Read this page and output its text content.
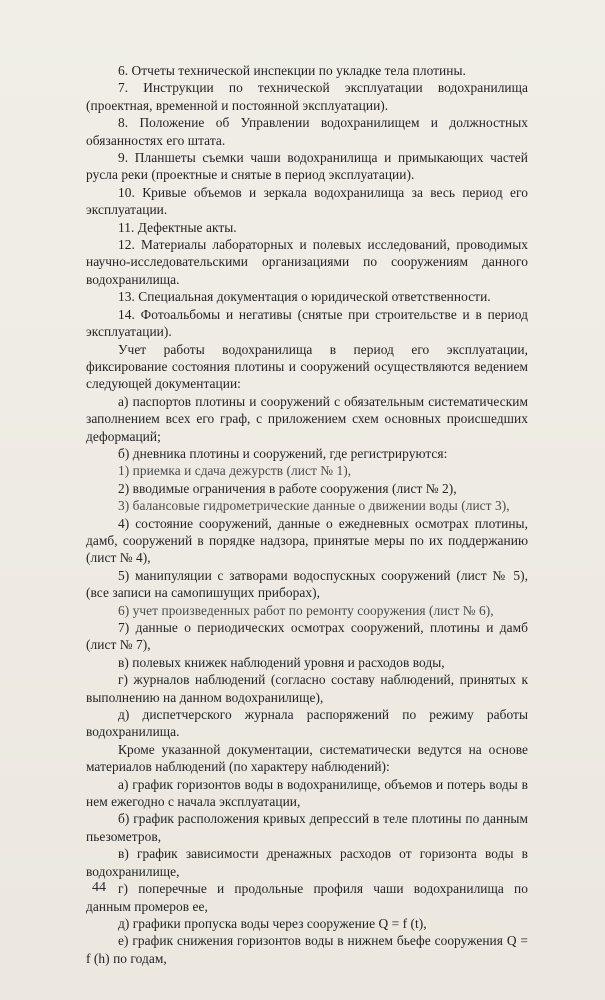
6. Отчеты технической инспекции по укладке тела плотины.

7. Инструкции по технической эксплуатации водохранилища (проектная, временной и постоянной эксплуатации).

8. Положение об Управлении водохранилищем и должностных обязанностях его штата.

9. Планшеты съемки чаши водохранилища и примыкающих частей русла реки (проектные и снятые в период эксплуатации).

10. Кривые объемов и зеркала водохранилища за весь период его эксплуатации.

11. Дефектные акты.

12. Материалы лабораторных и полевых исследований, проводимых научно-исследовательскими организациями по сооружениям данного водохранилища.

13. Специальная документация о юридической ответственности.

14. Фотоальбомы и негативы (снятые при строительстве и в период эксплуатации).

Учет работы водохранилища в период его эксплуатации, фиксирование состояния плотины и сооружений осуществляются ведением следующей документации:

а) паспортов плотины и сооружений с обязательным систематическим заполнением всех его граф, с приложением схем основных происшедших деформаций;

б) дневника плотины и сооружений, где регистрируются:

1) приемка и сдача дежурств (лист № 1),

2) вводимые ограничения в работе сооружения (лист № 2),

3) балансовые гидрометрические данные о движении воды (лист 3),

4) состояние сооружений, данные о ежедневных осмотрах плотины, дамб, сооружений в порядке надзора, принятые меры по их поддержанию (лист № 4),

5) манипуляции с затворами водоспускных сооружений (лист № 5), (все записи на самопишущих приборах),

6) учет произведенных работ по ремонту сооружения (лист № 6),

7) данные о периодических осмотрах сооружений, плотины и дамб (лист № 7),

в) полевых книжек наблюдений уровня и расходов воды,

г) журналов наблюдений (согласно составу наблюдений, принятых к выполнению на данном водохранилище),

д) диспетчерского журнала распоряжений по режиму работы водохранилища.

Кроме указанной документации, систематически ведутся на основе материалов наблюдений (по характеру наблюдений):

а) график горизонтов воды в водохранилище, объемов и потерь воды в нем ежегодно с начала эксплуатации,

б) график расположения кривых депрессий в теле плотины по данным пьезометров,

в) график зависимости дренажных расходов от горизонта воды в водохранилище,

г) поперечные и продольные профиля чаши водохранилища по данным промеров ее,

д) графики пропуска воды через сооружение Q = f (t),

е) график снижения горизонтов воды в нижнем бьефе сооружения Q = f (h) по годам,

44
